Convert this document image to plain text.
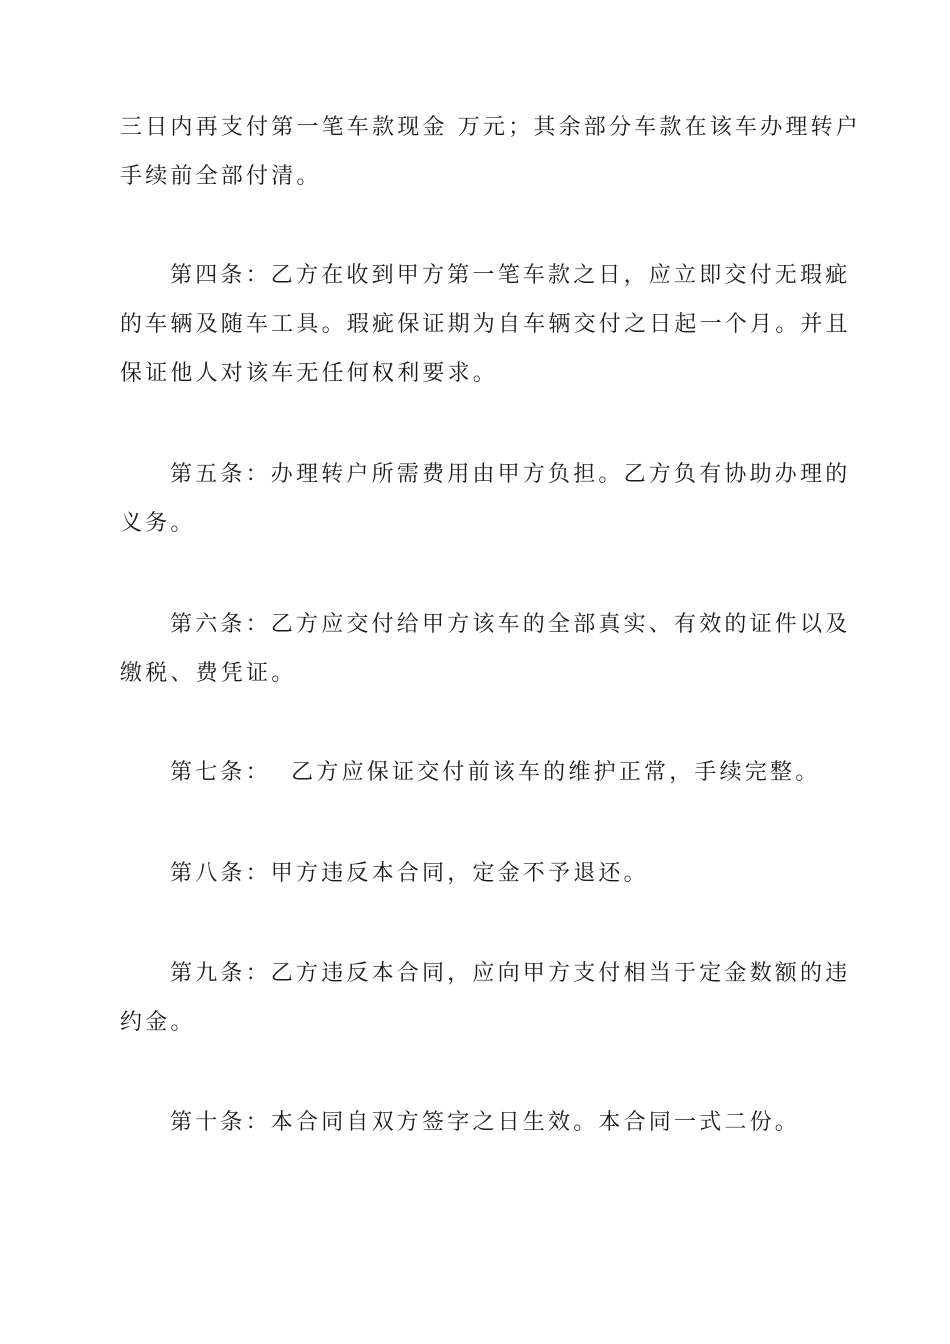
三日内再支付第一笔车款现金 万元；其余部分车款在该车办理转户
手续前全部付清。
第四条：乙方在收到甲方第一笔车款之日，应立即交付无瑕疵
的车辆及随车工具。瑕疵保证期为自车辆交付之日起一个月。并且
保证他人对该车无任何权利要求。
第五条：办理转户所需费用由甲方负担。乙方负有协助办理的
义务。
第六条：乙方应交付给甲方该车的全部真实、有效的证件以及
缴税、费凭证。
第七条：  乙方应保证交付前该车的维护正常，手续完整。
第八条：甲方违反本合同，定金不予退还。
第九条：乙方违反本合同，应向甲方支付相当于定金数额的违
约金。
第十条：本合同自双方签字之日生效。本合同一式二份。
